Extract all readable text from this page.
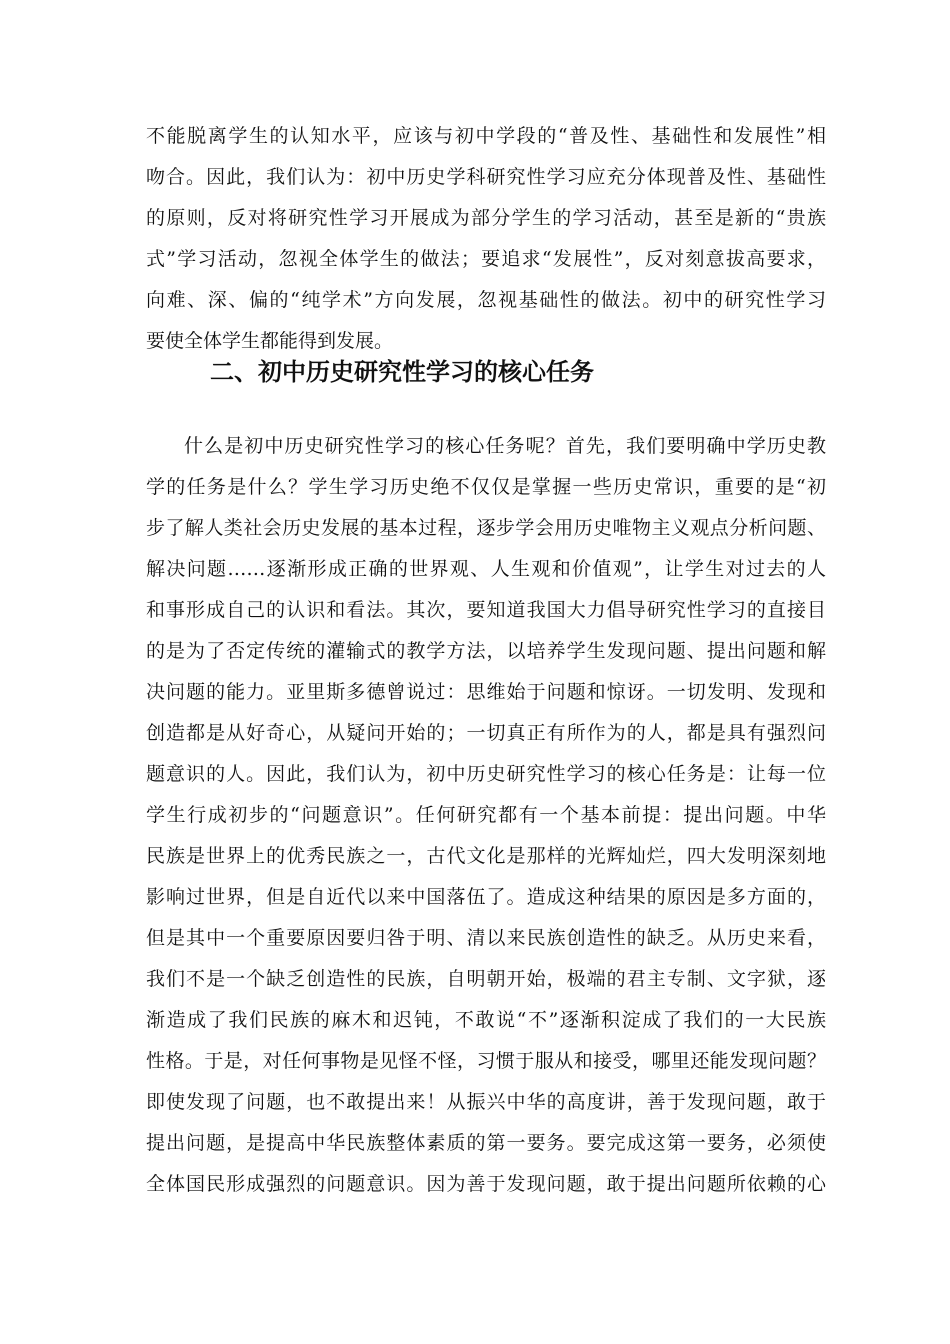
不能脱离学生的认知水平，应该与初中学段的“普及性、基础性和发展性”相
吻合。因此，我们认为：初中历史学科研究性学习应充分体现普及性、基础性
的原则，反对将研究性学习开展成为部分学生的学习活动，甚至是新的“贵族
式”学习活动，忽视全体学生的做法；要追求“发展性”，反对刻意拔高要求，
向难、深、偏的“纯学术”方向发展，忽视基础性的做法。初中的研究性学习
要使全体学生都能得到发展。
二、初中历史研究性学习的核心任务
什么是初中历史研究性学习的核心任务呢？首先，我们要明确中学历史教
学的任务是什么？学生学习历史绝不仅仅是掌握一些历史常识，重要的是“初
步了解人类社会历史发展的基本过程，逐步学会用历史唯物主义观点分析问题、
解决问题……逐渐形成正确的世界观、人生观和价值观”，让学生对过去的人
和事形成自己的认识和看法。其次，要知道我国大力倡导研究性学习的直接目
的是为了否定传统的灌输式的教学方法，以培养学生发现问题、提出问题和解
决问题的能力。亚里斯多德曾说过：思维始于问题和惊讶。一切发明、发现和
创造都是从好奇心，从疑问开始的；一切真正有所作为的人，都是具有强烈问
题意识的人。因此，我们认为，初中历史研究性学习的核心任务是：让每一位
学生行成初步的“问题意识”。任何研究都有一个基本前提：提出问题。中华
民族是世界上的优秀民族之一，古代文化是那样的光辉灿烂，四大发明深刻地
影响过世界，但是自近代以来中国落伍了。造成这种结果的原因是多方面的，
但是其中一个重要原因要归咎于明、清以来民族创造性的缺乏。从历史来看，
我们不是一个缺乏创造性的民族，自明朝开始，极端的君主专制、文字狱，逐
渐造成了我们民族的麻木和迟钝，不敢说“不”逐渐积淀成了我们的一大民族
性格。于是，对任何事物是见怪不怪，习惯于服从和接受，哪里还能发现问题？
即使发现了问题，也不敢提出来！从振兴中华的高度讲，善于发现问题，敢于
提出问题，是提高中华民族整体素质的第一要务。要完成这第一要务，必须使
全体国民形成强烈的问题意识。因为善于发现问题，敢于提出问题所依赖的心
